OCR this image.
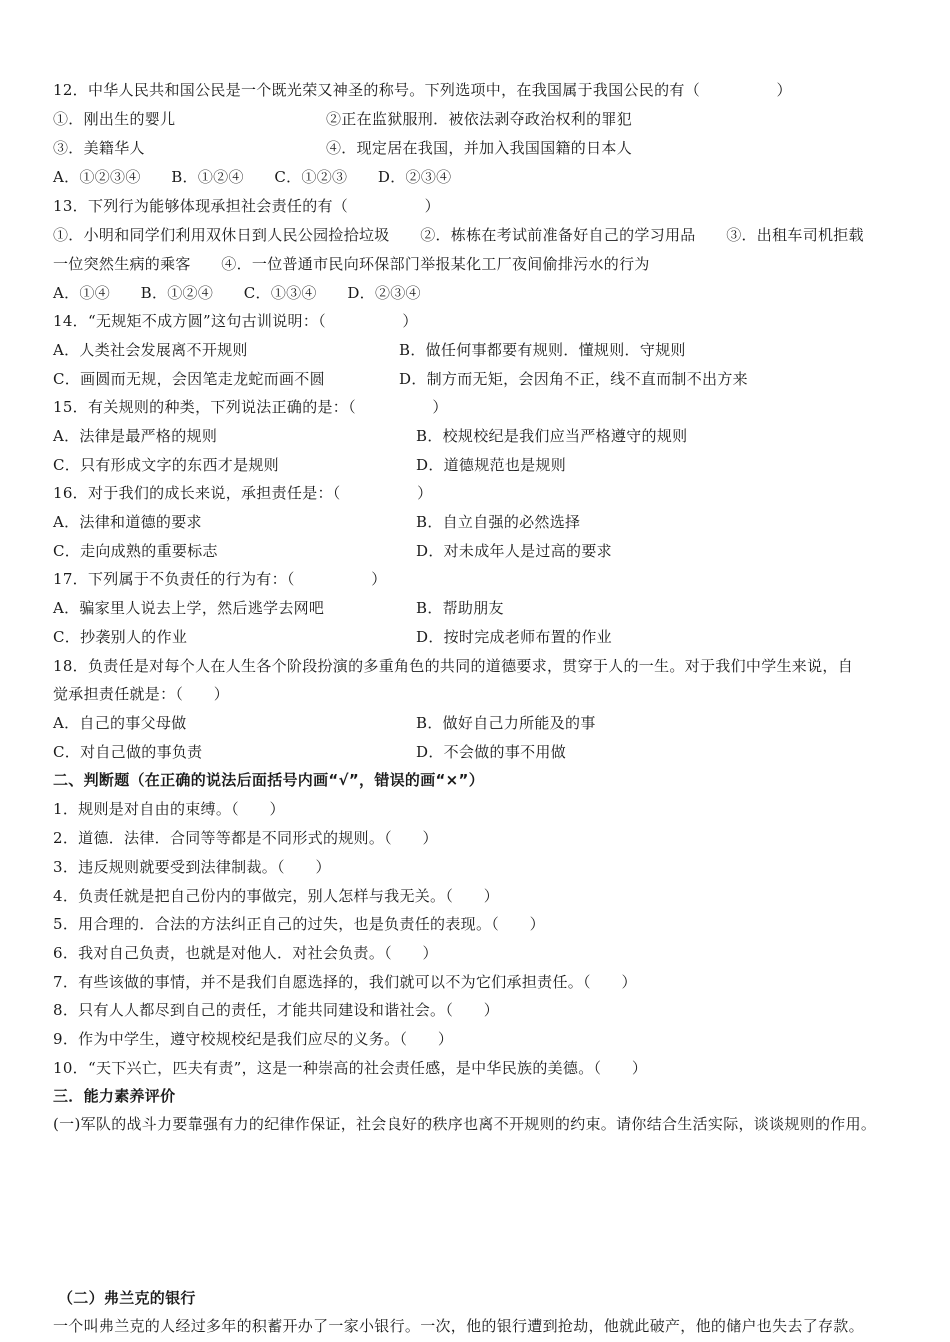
12．中华人民共和国公民是一个既光荣又神圣的称号。下列选项中，在我国属于我国公民的有（　　　　　）
①．刚出生的婴儿	②正在监狱服刑．被依法剥夺政治权利的罪犯
③．美籍华人	④．现定居在我国，并加入我国国籍的日本人
A．①②③④　　B．①②④　　C．①②③　　D．②③④
13．下列行为能够体现承担社会责任的有（　　　　　）
①．小明和同学们利用双休日到人民公园捡拾垃圾　　②．栋栋在考试前准备好自己的学习用品　　③．出租车司机拒载
一位突然生病的乘客　　④．一位普通市民向环保部门举报某化工厂夜间偷排污水的行为
A．①④　　B．①②④　　C．①③④　　D．②③④
14．“无规矩不成方圆”这句古训说明：（　　　　　）
A．人类社会发展离不开规则	B．做任何事都要有规则．懂规则．守规则
C．画圆而无规，会因笔走龙蛇而画不圆	D．制方而无矩，会因角不正，线不直而制不出方来
15．有关规则的种类，下列说法正确的是：（　　　　　）
A．法律是最严格的规则	B．校规校纪是我们应当严格遵守的规则
C．只有形成文字的东西才是规则	D．道德规范也是规则
16．对于我们的成长来说，承担责任是：（　　　　　）
A．法律和道德的要求	B．自立自强的必然选择
C．走向成熟的重要标志	D．对未成年人是过高的要求
17．下列属于不负责任的行为有：（　　　　　）
A．骗家里人说去上学，然后逃学去网吧	B．帮助朋友
C．抄袭别人的作业	D．按时完成老师布置的作业
18．负责任是对每个人在人生各个阶段扮演的多重角色的共同的道德要求，贯穿于人的一生。对于我们中学生来说，自
觉承担责任就是：（　　）
A．自己的事父母做	B．做好自己力所能及的事
C．对自己做的事负责	D．不会做的事不用做
二、判断题（在正确的说法后面括号内画“√”，错误的画“×”）
1．规则是对自由的束缚。（　　）
2．道德．法律．合同等等都是不同形式的规则。（　　）
3．违反规则就要受到法律制裁。（　　）
4．负责任就是把自己份内的事做完，别人怎样与我无关。（　　）
5．用合理的．合法的方法纠正自己的过失，也是负责任的表现。（　　）
6．我对自己负责，也就是对他人．对社会负责。（　　）
7．有些该做的事情，并不是我们自愿选择的，我们就可以不为它们承担责任。（　　）
8．只有人人都尽到自己的责任，才能共同建设和谐社会。（　　）
9．作为中学生，遵守校规校纪是我们应尽的义务。（　　）
10．“天下兴亡，匹夫有责”，这是一种崇高的社会责任感，是中华民族的美德。（　　）
三．能力素养评价
(一)军队的战斗力要靠强有力的纪律作保证，社会良好的秩序也离不开规则的约束。请你结合生活实际，谈谈规则的作用。
（二）弗兰克的银行
一个叫弗兰克的人经过多年的积蓄开办了一家小银行。一次，他的银行遭到抢劫，他就此破产，他的储户也失去了存款。
